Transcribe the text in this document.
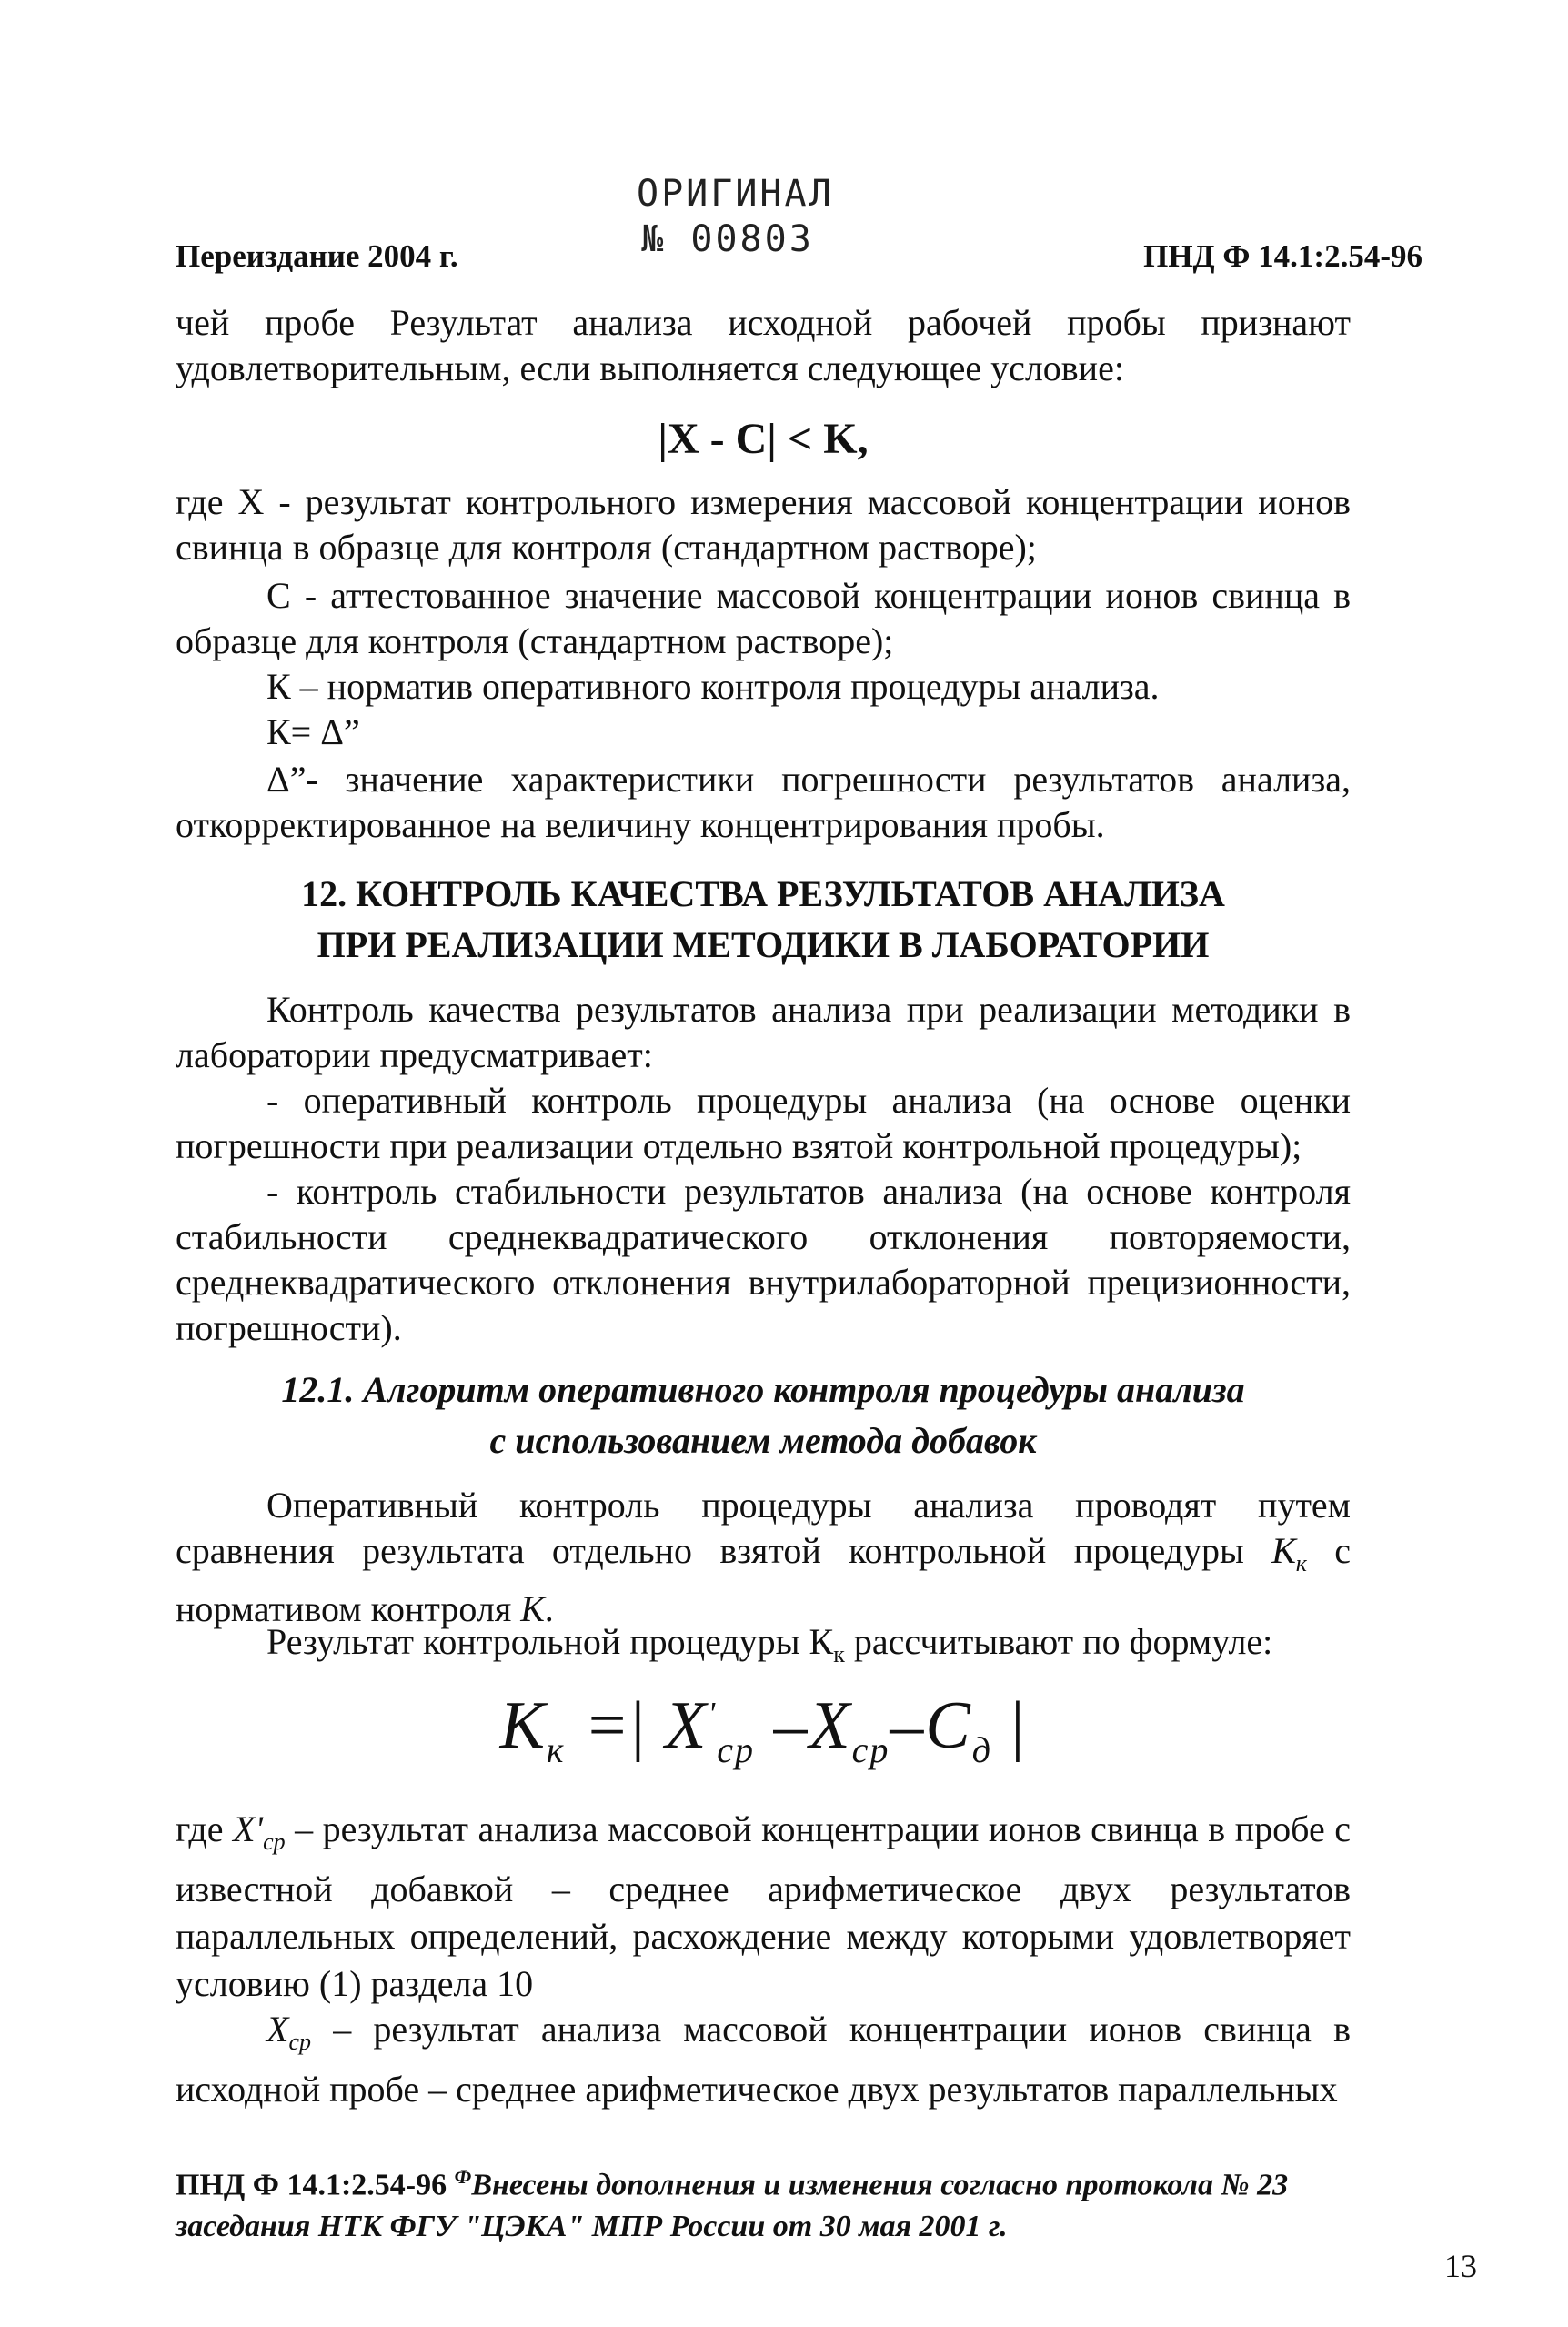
ОРИГИНАЛ
№ 00803
Переиздание 2004 г.	ПНД Ф 14.1:2.54-96
чей пробе Результат анализа исходной рабочей пробы признают удовлетворительным, если выполняется следующее условие:
|X - C| < K,
где X - результат контрольного измерения массовой концентрации ионов свинца в образце для контроля (стандартном растворе);
С - аттестованное значение массовой концентрации ионов свинца в образце для контроля (стандартном растворе);
К – норматив оперативного контроля процедуры анализа.
К= Δ”
Δ”- значение характеристики погрешности результатов анализа, откорректированное на величину концентрирования пробы.
12. КОНТРОЛЬ КАЧЕСТВА РЕЗУЛЬТАТОВ АНАЛИЗА
ПРИ РЕАЛИЗАЦИИ МЕТОДИКИ В ЛАБОРАТОРИИ
Контроль качества результатов анализа при реализации методики в лаборатории предусматривает:
- оперативный контроль процедуры анализа (на основе оценки погрешности при реализации отдельно взятой контрольной процедуры);
- контроль стабильности результатов анализа (на основе контроля стабильности среднеквадратического отклонения повторяемости, среднеквадратического отклонения внутрилабораторной прецизионности, погрешности).
12.1. Алгоритм оперативного контроля процедуры анализа
с использованием метода добавок
Оперативный контроль процедуры анализа проводят путем сравнения результата отдельно взятой контрольной процедуры $К_к$ с нормативом контроля К.
Результат контрольной процедуры $К_к$ рассчитывают по формуле:
$К_к$ =| $X'_{ср}$ $-X_{ср}-C_д$ |
где $X'_{ср}$ – результат анализа массовой концентрации ионов свинца в пробе с известной добавкой – среднее арифметическое двух результатов параллельных определений, расхождение между которыми удовлетворяет условию (1) раздела 10
$X_{ср}$ – результат анализа массовой концентрации ионов свинца в исходной пробе – среднее арифметическое двух результатов параллельных
ПНД Ф 14.1:2.54-96 $^Ф$Внесены дополнения и изменения согласно протокола № 23 заседания НТК ФГУ "ЦЭКА" МПР России от 30 мая 2001 г.
13
